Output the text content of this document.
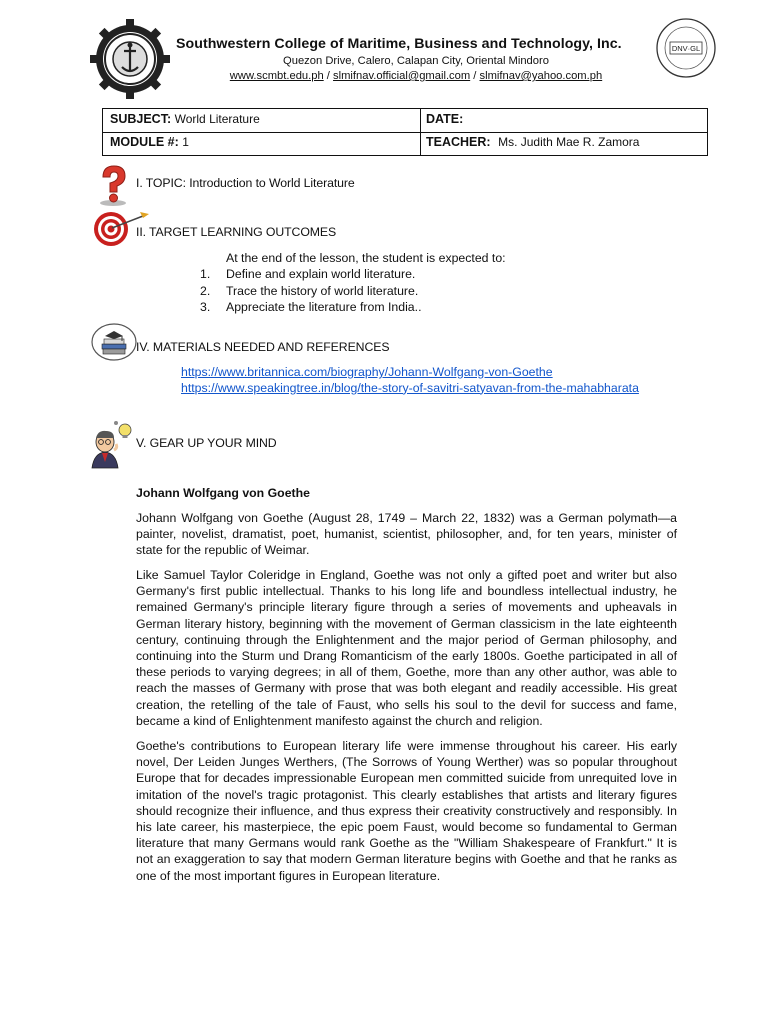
DNV·GL
Southwestern College of Maritime, Business and Technology, Inc.
Quezon Drive, Calero, Calapan City, Oriental Mindoro
www.scmbt.edu.ph / slmifnav.official@gmail.com / slmifnav@yahoo.com.ph
SUBJECT: World Literature	DATE:
MODULE #: 1	TEACHER: Ms. Judith Mae R. Zamora
I. TOPIC: Introduction to World Literature
II. TARGET LEARNING OUTCOMES
At the end of the lesson, the student is expected to:
1. Define and explain world literature.
2. Trace the history of world literature.
3. Appreciate the literature from India..
IV. MATERIALS NEEDED AND REFERENCES
https://www.britannica.com/biography/Johann-Wolfgang-von-Goethe
https://www.speakingtree.in/blog/the-story-of-savitri-satyavan-from-the-mahabharata
V. GEAR UP YOUR MIND
Johann Wolfgang von Goethe
Johann Wolfgang von Goethe (August 28, 1749 – March 22, 1832) was a German polymath—a painter, novelist, dramatist, poet, humanist, scientist, philosopher, and, for ten years, minister of state for the republic of Weimar.
Like Samuel Taylor Coleridge in England, Goethe was not only a gifted poet and writer but also Germany's first public intellectual. Thanks to his long life and boundless intellectual industry, he remained Germany's principle literary figure through a series of movements and upheavals in German literary history, beginning with the movement of German classicism in the late eighteenth century, continuing through the Enlightenment and the major period of German philosophy, and continuing into the Sturm und Drang Romanticism of the early 1800s. Goethe participated in all of these periods to varying degrees; in all of them, Goethe, more than any other author, was able to reach the masses of Germany with prose that was both elegant and readily accessible. His great creation, the retelling of the tale of Faust, who sells his soul to the devil for success and fame, became a kind of Enlightenment manifesto against the church and religion.
Goethe's contributions to European literary life were immense throughout his career. His early novel, Der Leiden Junges Werthers, (The Sorrows of Young Werther) was so popular throughout Europe that for decades impressionable European men committed suicide from unrequited love in imitation of the novel's tragic protagonist. This clearly establishes that artists and literary figures should recognize their influence, and thus express their creativity constructively and responsibly. In his late career, his masterpiece, the epic poem Faust, would become so fundamental to German literature that many Germans would rank Goethe as the "William Shakespeare of Frankfurt." It is not an exaggeration to say that modern German literature begins with Goethe and that he ranks as one of the most important figures in European literature.
